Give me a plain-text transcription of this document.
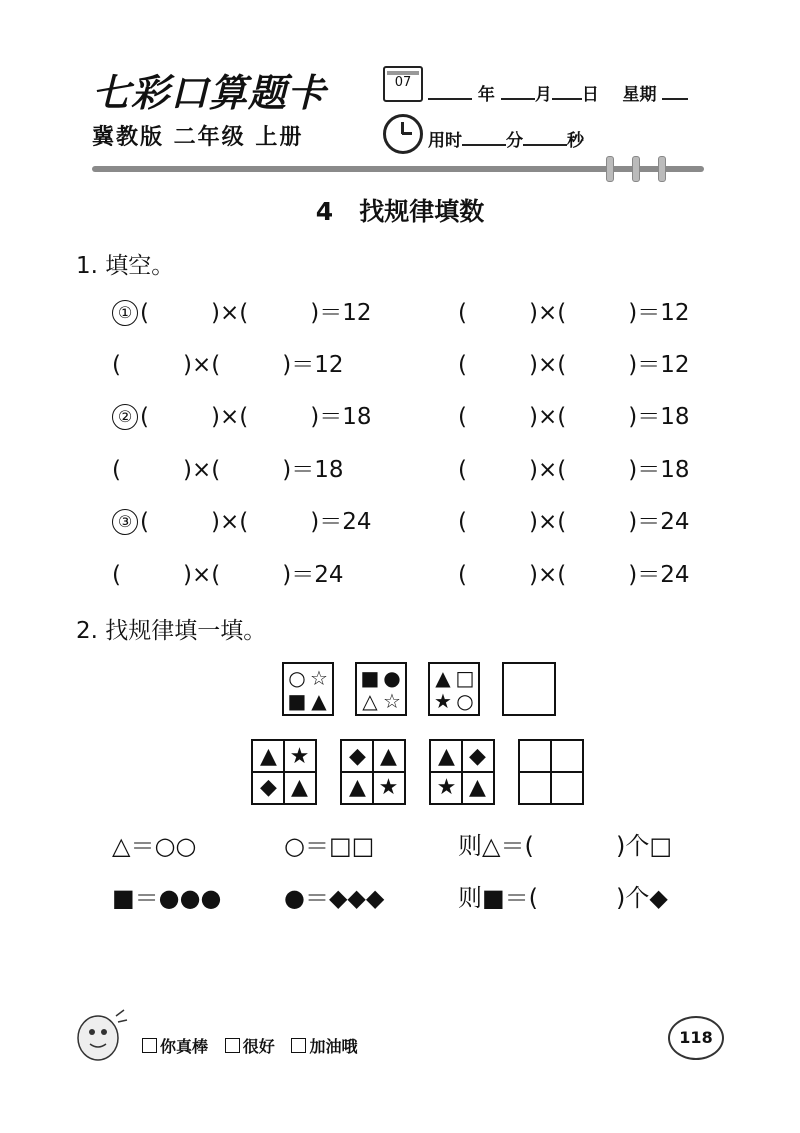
七彩口算题卡
冀教版 二年级 上册
07
年 月 日 星期
用时	分	秒
4   找规律填数
1. 填空。
① (	)×(	)＝12	(	)×(	)＝12
(	)×(	)＝12	(	)×(	)＝12
② (	)×(	)＝18	(	)×(	)＝18
(	)×(	)＝18	(	)×(	)＝18
③ (	)×(	)＝24	(	)×(	)＝24
(	)×(	)＝24	(	)×(	)＝24
2. 找规律填一填。
○ ☆
■ ▲
■ ●
△ ☆
▲ □
★ ○
▲ ★
◆ ▲
◆ ▲
▲ ★
▲ ◆
★ ▲
△＝○○	○＝□□	则△＝(	)个□
■＝●●●	●＝◆◆◆	则■＝(	)个◆
你真棒 很好 加油哦	118
